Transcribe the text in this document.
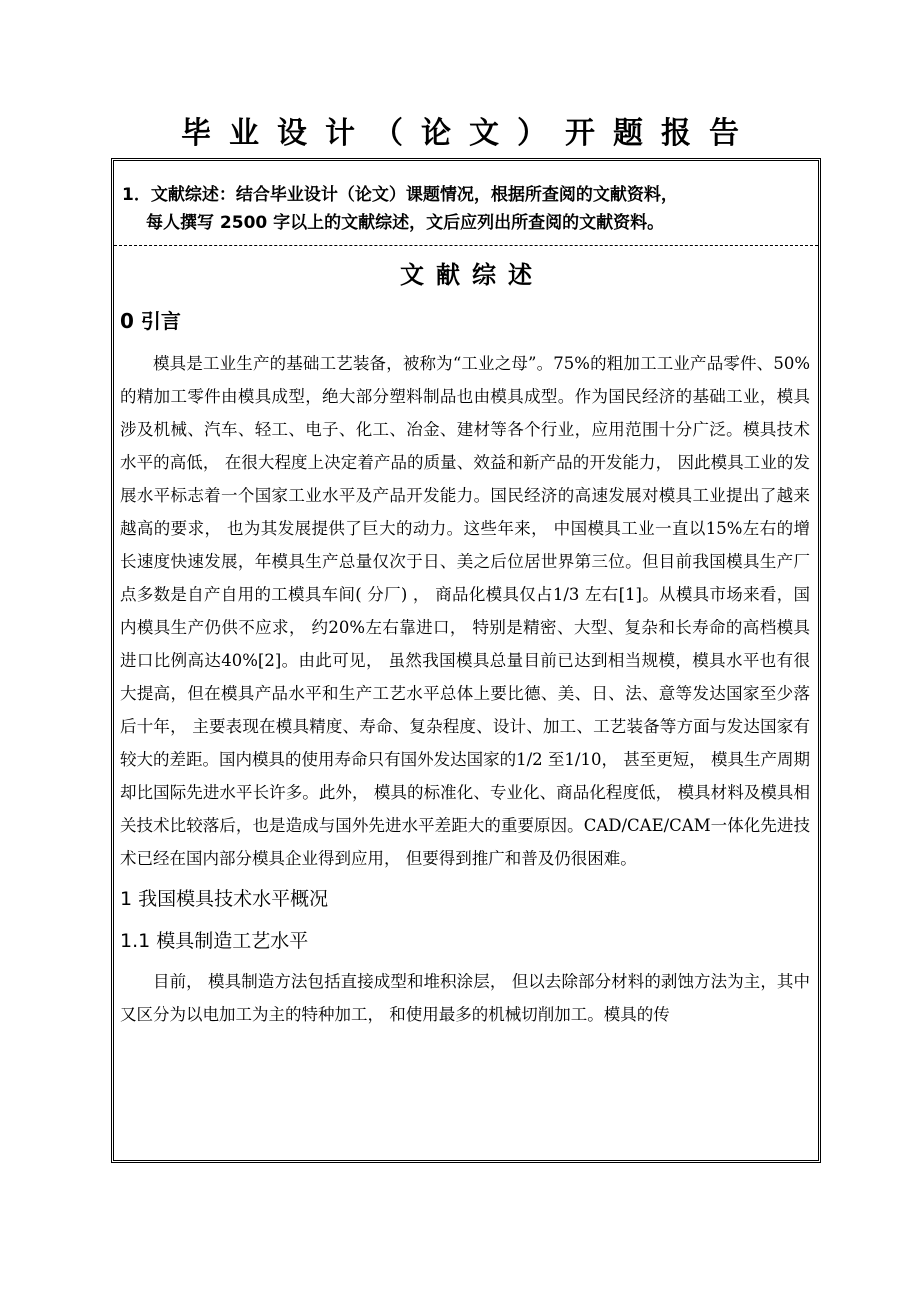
毕业设计（论文）开题报告

1．文献综述：结合毕业设计（论文）课题情况，根据所查阅的文献资料，
每人撰写 2500 字以上的文献综述，文后应列出所查阅的文献资料。

文献综述
0 引言

模具是工业生产的基础工艺装备，被称为“工业之母”。75%的粗加工工业产品零件、50%的精加工零件由模具成型，绝大部分塑料制品也由模具成型。作为国民经济的基础工业，模具涉及机械、汽车、轻工、电子、化工、冶金、建材等各个行业，应用范围十分广泛。模具技术水平的高低， 在很大程度上决定着产品的质量、效益和新产品的开发能力， 因此模具工业的发展水平标志着一个国家工业水平及产品开发能力。国民经济的高速发展对模具工业提出了越来越高的要求， 也为其发展提供了巨大的动力。这些年来， 中国模具工业一直以15%左右的增长速度快速发展，年模具生产总量仅次于日、美之后位居世界第三位。但目前我国模具生产厂点多数是自产自用的工模具车间( 分厂) ， 商品化模具仅占1/3 左右[1]。从模具市场来看，国内模具生产仍供不应求， 约20%左右靠进口， 特别是精密、大型、复杂和长寿命的高档模具进口比例高达40%[2]。由此可见， 虽然我国模具总量目前已达到相当规模，模具水平也有很大提高，但在模具产品水平和生产工艺水平总体上要比德、美、日、法、意等发达国家至少落后十年， 主要表现在模具精度、寿命、复杂程度、设计、加工、工艺装备等方面与发达国家有较大的差距。国内模具的使用寿命只有国外发达国家的1/2 至1/10， 甚至更短， 模具生产周期却比国际先进水平长许多。此外， 模具的标准化、专业化、商品化程度低， 模具材料及模具相关技术比较落后，也是造成与国外先进水平差距大的重要原因。CAD/CAE/CAM一体化先进技术已经在国内部分模具企业得到应用， 但要得到推广和普及仍很困难。

1 我国模具技术水平概况
1.1 模具制造工艺水平

目前， 模具制造方法包括直接成型和堆积涂层， 但以去除部分材料的剥蚀方法为主，其中又区分为以电加工为主的特种加工， 和使用最多的机械切削加工。模具的传
